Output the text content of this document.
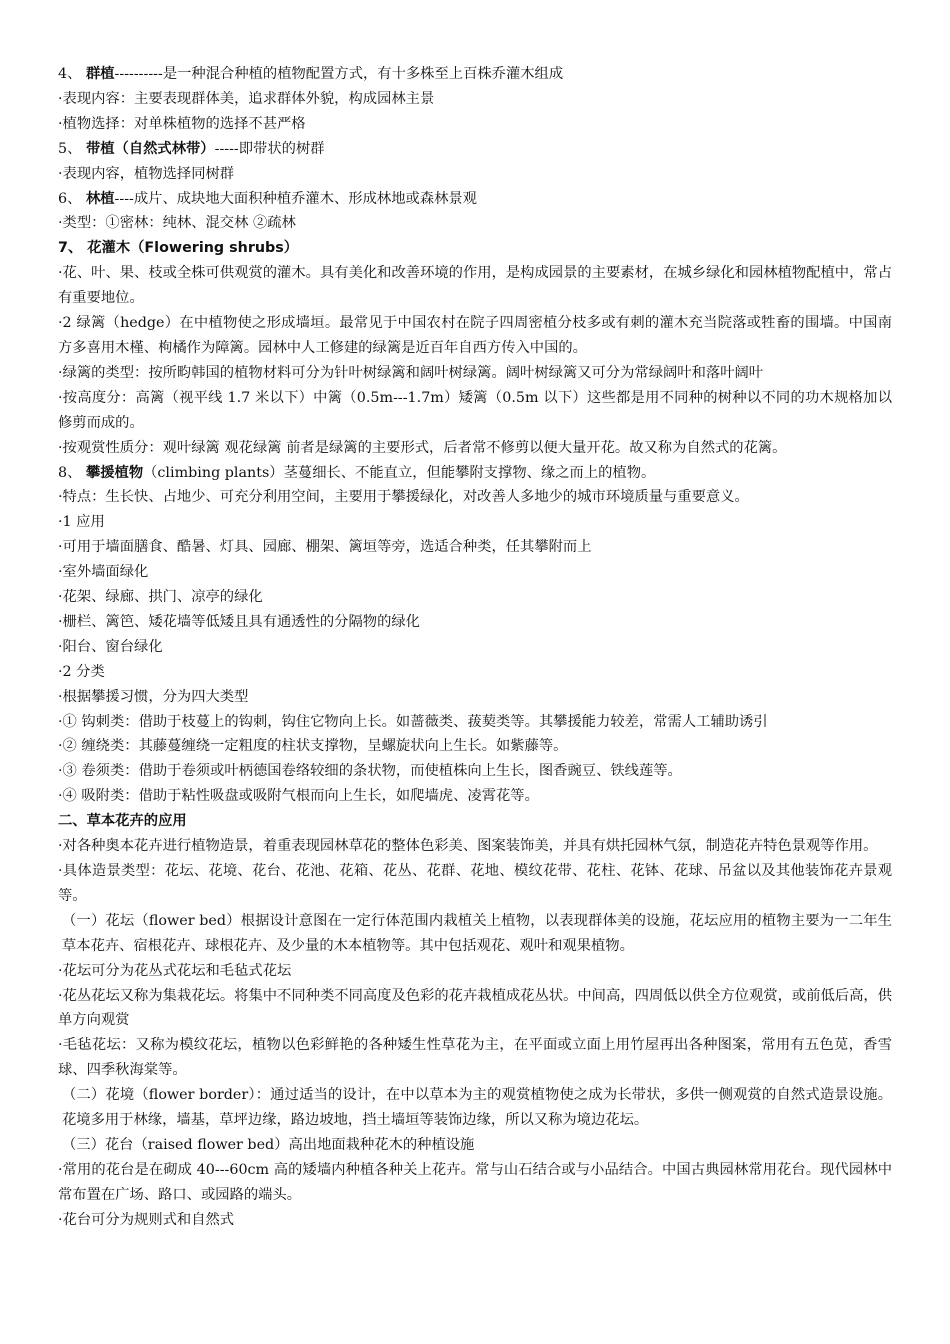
4、 群植----------是一种混合种植的植物配置方式，有十多株至上百株乔灌木组成

·表现内容：主要表现群体美，追求群体外貌，构成园林主景

·植物选择：对单株植物的选择不甚严格

5、 带植（自然式林带）-----即带状的树群

·表现内容，植物选择同树群

6、 林植----成片、成块地大面积种植乔灌木、形成林地或森林景观

·类型：①密林：纯林、混交林 ②疏林

7、 花灌木（Flowering shrubs）

·花、叶、果、枝或全株可供观赏的灌木。具有美化和改善环境的作用，是构成园景的主要素材，在城乡绿化和园林植物配植中，常占有重要地位。

·2 绿篱（hedge）在中植物使之形成墙垣。最常见于中国农村在院子四周密植分枝多或有刺的灌木充当院落或牲畜的围墙。中国南方多喜用木槿、枸橘作为障篱。园林中人工修建的绿篱是近百年自西方传入中国的。

·绿篱的类型：按所畇韩国的植物材料可分为针叶树绿篱和阔叶树绿篱。阔叶树绿篱又可分为常绿阔叶和落叶阔叶

·按高度分：高篱（视平线 1.7 米以下）中篱（0.5m---1.7m）矮篱（0.5m 以下）这些都是用不同种的树种以不同的功木规格加以修剪而成的。

·按观赏性质分：观叶绿篱 观花绿篱 前者是绿篱的主要形式，后者常不修剪以便大量开花。故又称为自然式的花篱。

8、 攀援植物（climbing plants）茎蔓细长、不能直立，但能攀附支撑物、缘之而上的植物。

·特点：生长快、占地少、可充分利用空间，主要用于攀援绿化，对改善人多地少的城市环境质量与重要意义。

·1 应用

·可用于墙面膳食、酷暑、灯具、园廊、棚架、篱垣等旁，选适合种类，任其攀附而上

·室外墙面绿化

·花架、绿廊、拱门、凉亭的绿化

·栅栏、篱笆、矮花墙等低矮且具有通透性的分隔物的绿化

·阳台、窗台绿化

·2 分类

·根据攀援习惯，分为四大类型

·① 钩刺类：借助于枝蔓上的钩刺，钩住它物向上长。如蔷薇类、菝葜类等。其攀援能力较差，常需人工辅助诱引

·② 缠绕类：其藤蔓缠绕一定粗度的柱状支撑物，呈螺旋状向上生长。如紫藤等。

·③ 卷须类：借助于卷须或叶柄德国卷络较细的条状物，而使植株向上生长，图香豌豆、铁线莲等。

·④ 吸附类：借助于粘性吸盘或吸附气根而向上生长，如爬墙虎、凌霄花等。

二、草本花卉的应用

·对各种奥本花卉进行植物造景，着重表现园林草花的整体色彩美、图案装饰美，并具有烘托园林气氛，制造花卉特色景观等作用。

·具体造景类型：花坛、花境、花台、花池、花箱、花丛、花群、花地、模纹花带、花柱、花钵、花球、吊盆以及其他装饰花卉景观等。

（一）花坛（flower bed）根据设计意图在一定行体范围内栽植关上植物，以表现群体美的设施，花坛应用的植物主要为一二年生草本花卉、宿根花卉、球根花卉、及少量的木本植物等。其中包括观花、观叶和观果植物。

·花坛可分为花丛式花坛和毛毡式花坛

·花丛花坛又称为集栽花坛。将集中不同种类不同高度及色彩的花卉栽植成花丛状。中间高，四周低以供全方位观赏，或前低后高，供单方向观赏

·毛毡花坛：又称为模纹花坛，植物以色彩鲜艳的各种矮生性草花为主，在平面或立面上用竹屋再出各种图案，常用有五色苋，香雪球、四季秋海棠等。

（二）花境（flower border）：通过适当的设计，在中以草本为主的观赏植物使之成为长带状，多供一侧观赏的自然式造景设施。花境多用于林缘，墙基，草坪边缘，路边坡地，挡土墙垣等装饰边缘，所以又称为境边花坛。

（三）花台（raised flower bed）高出地面栽种花木的种植设施

·常用的花台是在砌成 40---60cm 高的矮墙内种植各种关上花卉。常与山石结合或与小品结合。中国古典园林常用花台。现代园林中常布置在广场、路口、或园路的端头。

·花台可分为规则式和自然式
